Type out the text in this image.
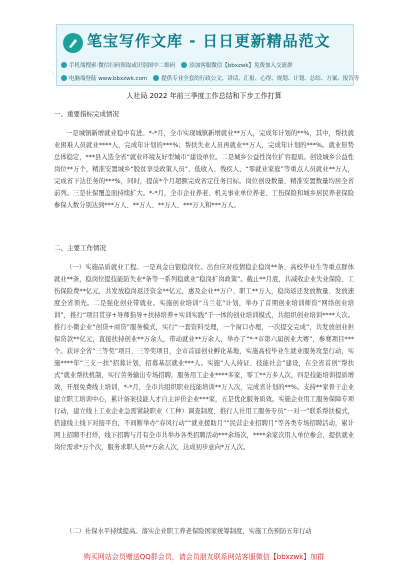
笔宝写作文库 - 日日更新精品范文
手机端搜索·微信扫码领取或识别图中二维码	添加客服微信【bbxzwk】免费加入交流群
电脑端登陆 www.bbxzwk.com	提供专业全套的行政公文、讲话、汇报、心得、规划、计划、总结、方案、报告等
人社局 2022 年前三季度工作总结和下步工作打算
一、重要指标完成情况

一是城镇新增就业稳中有进。*-*月，全市实现城镇新增就业**万人，完成年计划的**%，其中，帮扶就业困难人员就业****人，完成年计划的***%；帮扶失业人员再就业**万人，完成年计划的***%。就业形势总体稳定，***县入选全省“就业环境友好型城市”建设单位。二是城乡公益性岗位扩容提质。创设城乡公益性岗位**万个，精准安置城乡“脱贫享受政策人员”、低收入、残疾人、“零就业家庭”等重点人员就业**万人，完成省下达任务的***%，同时，提前*个月超额完成省定任务目标。岗位创设数量、精准安置数量均居全省前列。三是社保覆盖面持续扩大。*-*月，全市企业养老、机关事业单位养老、工伤保险和城乡居民养老保险参保人数分别达到***万人、**万人、**万人、***万人和***万人。

二、主要工作情况

（一）实施品质就业工程。一是真金白银稳岗位。出台应对疫情稳企稳岗**条、高校毕业生等重点群体就业**条，稳岗位提技能防失业*条等一系列稳就业“稳岗扩岗政策”。截止**月底，共减收企业失业保险、工伤保险费**亿元，共发放稳岗返还资金**亿元，惠及企业**万户、职工**万人，稳岗返还发放数量、发放速度全省领先。二是强化创业带就业。实施创业培训“马兰花”计划，举办了首期创业培训师资“网络创业培训”，推行“项目贯穿+导师指导+扶持培养+实训实践”于一体的创业培训模式，共组织创业培训****人次。推行小微企业“创贷+商贷”服务模式，实行“一套资料受理，一个窗口办理，一次提交完成”，共发放创业担保贷款**亿元，直接扶持创业**万余人，带动就业**万余人，举办了“*·*市第六届创业大赛”，参赛项目***个。获评全省“三等奖”项目、三等奖项目，全市首届创业孵化基地，实施高校毕业生就业服务攻坚行动，实施****年“三支一扶”招募计划，招募基层就业***人。实施“人人持证、技能社会”建设，在全省首创“帮扶式”就业帮扶机制，实行劳务输出专场招聘，服务用工企业****多家，零工**万多人次，四是技能培训提质增效，开展免费线上培训，*-*月，全市共组织职业技能培训**万人次，完成省计划的**%。支持**家骨干企业建立职工培训中心，累计备案技能人才自主评价企业***家，五是优化服务质效。实施企业用工服务保障专项行动，建立线上工业企业急需紧缺职业（工种）调查制度，推行人社用工服务专员“一对一”联系帮扶模式，搭建线上线下对接平台，不间断举办“春风行动”“就业援助月”“民营企业招聘月”等各类专场招聘活动，累计网上招聘不打烊，线下招聘与月有全市共举办各类招聘活动***余场次，****余家次用人单位参会，提供就业岗位需求*万个次，服务求职人员**万余人次，达成初步意向*万人次。

（二）社保水平持续提高。落实企业职工养老保险国家统筹制度，实施工伤预防五年行动

购买网站会员赠送QQ群会员，请会员朋友联系网站客服微信【bbxzwk】加群
